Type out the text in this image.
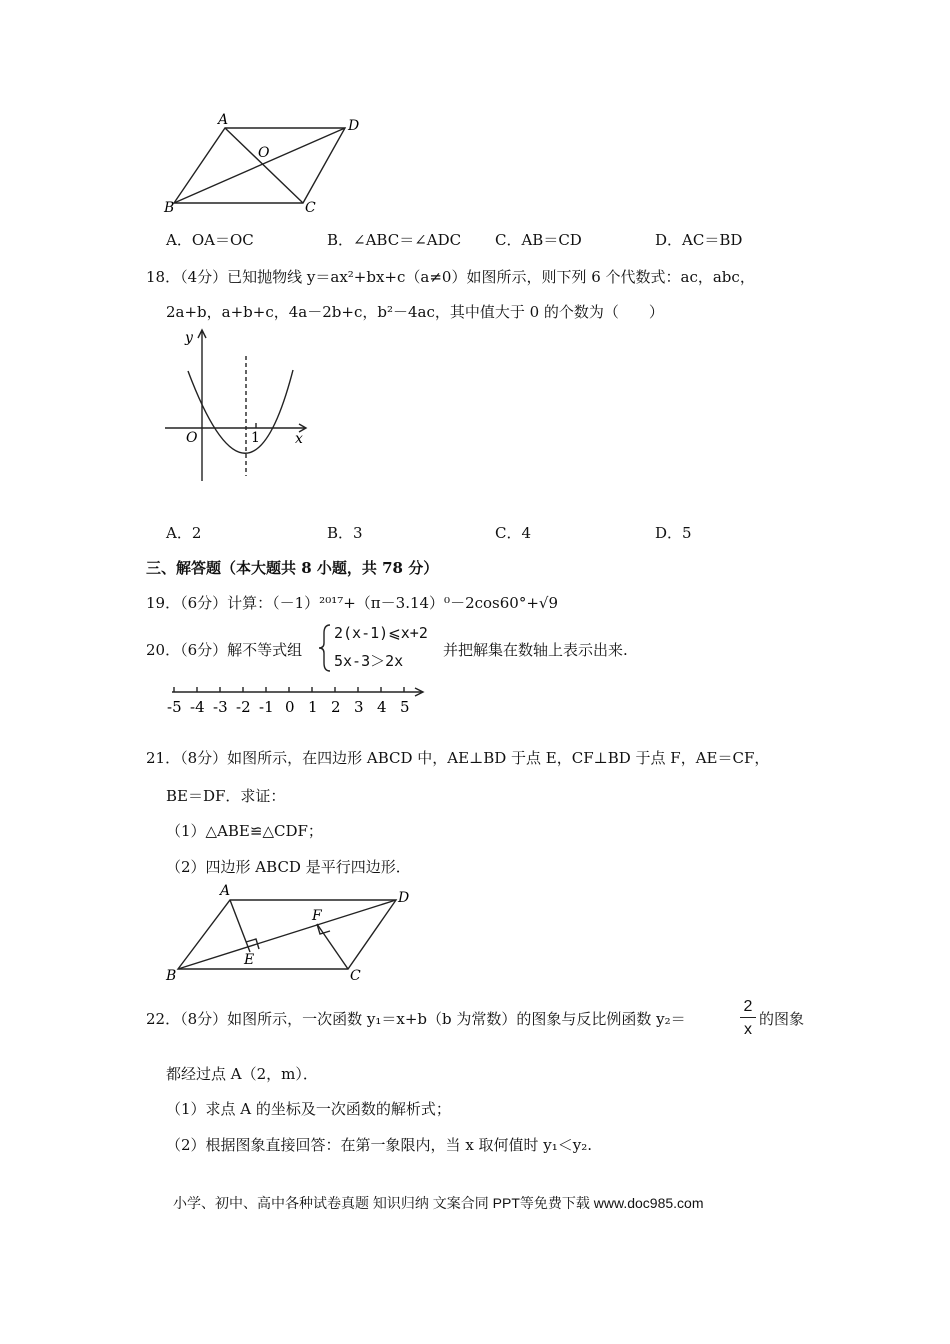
A	D
O
B	C
A．OA＝OC	B．∠ABC＝∠ADC C．AB＝CD	D．AC＝BD
18．（4分）已知抛物线 y＝ax²+bx+c（a≠0）如图所示，则下列 6 个代数式：ac，abc，
2a+b，a+b+c，4a－2b+c，b²－4ac，其中值大于 0 的个数为（　　）
y
x
O	1
A．2	B．3	C．4	D．5
三、解答题（本大题共 8 小题，共 78 分）
19．（6分）计算：（－1）²⁰¹⁷+（π－3.14）⁰－2cos60°+√9
20．（6分）解不等式组
2(x-1)⩽x+2
5x-3＞2x
并把解集在数轴上表示出来.
-5 -4 -3 -2 -1 0 1 2 3 4 5
21．（8分）如图所示，在四边形 ABCD 中，AE⊥BD 于点 E，CF⊥BD 于点 F，AE＝CF，
BE＝DF．求证：
（1）△ABE≌△CDF；
（2）四边形 ABCD 是平行四边形．
A	D
F
E
B	C
22．（8分）如图所示，一次函数 y₁＝x+b（b 为常数）的图象与反比例函数 y₂＝
2
x
的图象
都经过点 A（2，m）．
（1）求点 A 的坐标及一次函数的解析式；
（2）根据图象直接回答：在第一象限内，当 x 取何值时 y₁＜y₂.
小学、初中、高中各种试卷真题 知识归纳 文案合同 PPT等免费下载 www.doc985.com
